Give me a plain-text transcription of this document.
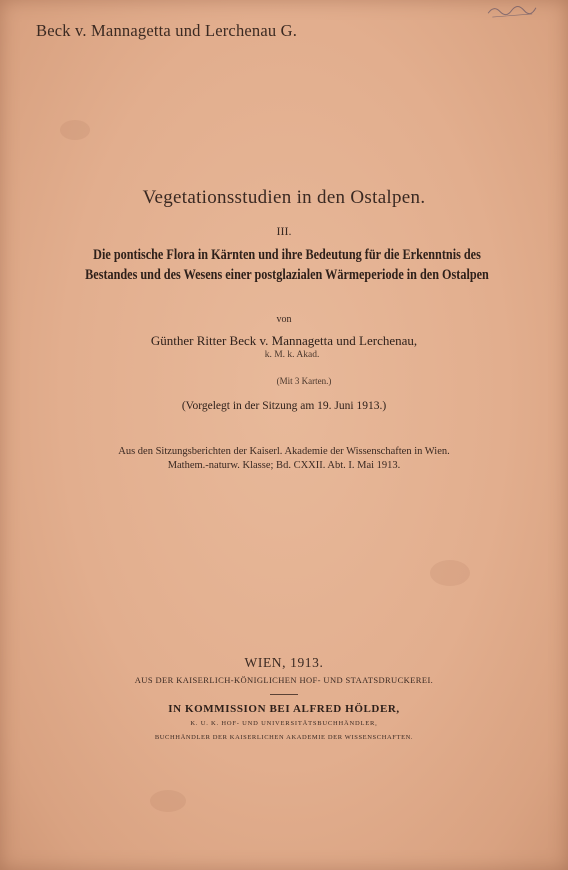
Beck v. Mannagetta und Lerchenau G.
Vegetationsstudien in den Ostalpen.
III.
Die pontische Flora in Kärnten und ihre Bedeutung für die Erkenntnis des Bestandes und des Wesens einer postglazialen Wärmeperiode in den Ostalpen
von
Günther Ritter Beck v. Mannagetta und Lerchenau,
k. M. k. Akad.
(Mit 3 Karten.)
(Vorgelegt in der Sitzung am 19. Juni 1913.)
Aus den Sitzungsberichten der Kaiserl. Akademie der Wissenschaften in Wien.
Mathem.-naturw. Klasse; Bd. CXXII. Abt. I. Mai 1913.
WIEN, 1913.
AUS DER KAISERLICH-KÖNIGLICHEN HOF- UND STAATSDRUCKEREI.
IN KOMMISSION BEI ALFRED HÖLDER,
K. U. K. HOF- UND UNIVERSITÄTSBUCHHÄNDLER,
BUCHHÄNDLER DER KAISERLICHEN AKADEMIE DER WISSENSCHAFTEN.
